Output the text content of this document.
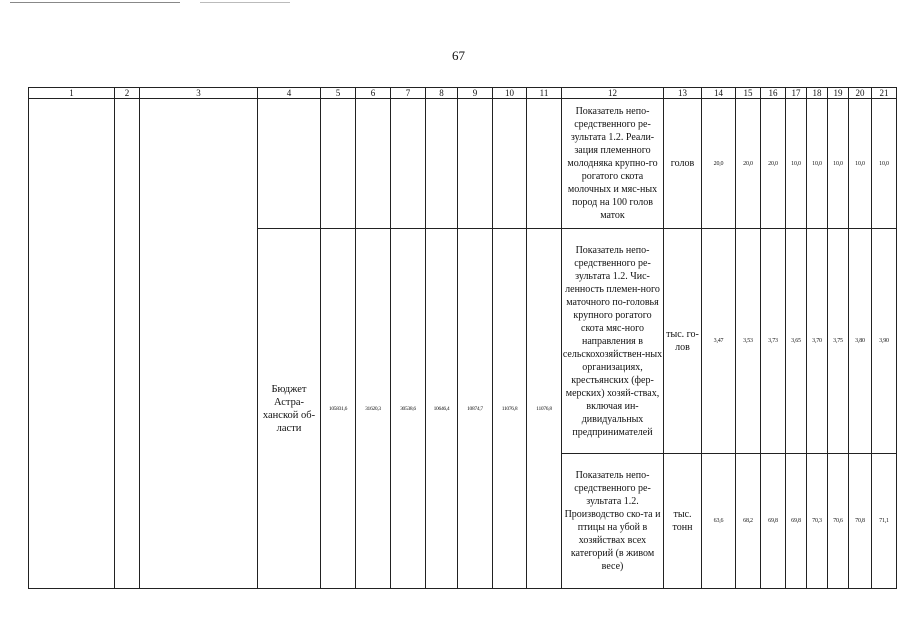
67
1	2	3	4	5	6	7	8	9	10	11	12	13	14	15	16	17	18	19	20	21
											Показатель непо-средственного ре-зультата 1.2. Реали-зация племенного молодняка крупно-го рогатого скота молочных и мяс-ных пород на 100 голов маток	голов	20,0	20,0	20,0	10,0	10,0	10,0	10,0	10,0
			Бюджет Астра-ханской об-ласти	105831,6	31620,3	30538,6	10646,4	10874,7	11076,8	11076,8	Показатель непо-средственного ре-зультата 1.2. Чис-ленность племен-ного маточного по-головья крупного рогатого скота мяс-ного направления в сельскохозяйствен-ных организациях, крестьянских (фер-мерских) хозяй-ствах, включая ин-дивидуальных предпринимателей	тыс. го-лов	3,47	3,53	3,73	3,65	3,70	3,75	3,80	3,90
											Показатель непо-средственного ре-зультата 1.2. Производство ско-та и птицы на убой в хозяйствах всех категорий (в живом весе)	тыс. тонн	63,6	68,2	69,8	69,8	70,3	70,6	70,8	71,1
